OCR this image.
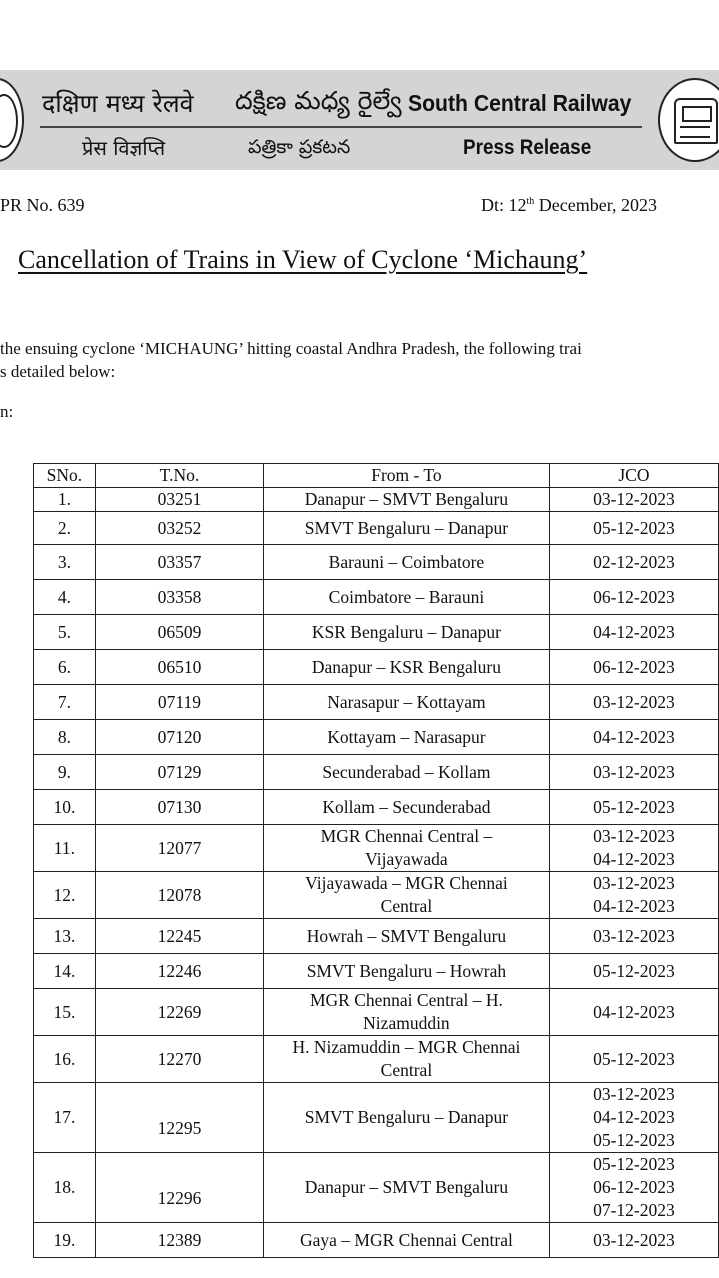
दक्षिण मध्य रेलवे దక్షిణ మధ్య రైల్వే South Central Railway
प्रेस विज्ञप्ति	పత్రికా ప్రకటన	Press Release
PR No. 639	Dt: 12th December, 2023
Cancellation of Trains in View of Cyclone ‘Michaung’
the ensuing cyclone ‘MICHAUNG’ hitting coastal Andhra Pradesh, the following trai
s detailed below:
n:
SNo.	T.No.	From - To	JCO
1.	03251	Danapur – SMVT Bengaluru	03-12-2023

2.	03252	SMVT Bengaluru – Danapur	05-12-2023

3.	03357	Barauni – Coimbatore	02-12-2023

4.	03358	Coimbatore – Barauni	06-12-2023

5.	06509	KSR Bengaluru – Danapur	04-12-2023

6.	06510	Danapur – KSR Bengaluru	06-12-2023

7.	07119	Narasapur – Kottayam	03-12-2023

8.	07120	Kottayam – Narasapur	04-12-2023

9.	07129	Secunderabad – Kollam	03-12-2023

10.	07130	Kollam – Secunderabad	05-12-2023

11.	12077	MGR Chennai Central –
Vijayawada	03-12-2023
04-12-2023

12.	12078	Vijayawada – MGR Chennai
Central	03-12-2023
04-12-2023

13.	12245	Howrah – SMVT Bengaluru	03-12-2023

14.	12246	SMVT Bengaluru – Howrah	05-12-2023

15.	12269	MGR Chennai Central – H.
Nizamuddin	04-12-2023

16.	12270	H. Nizamuddin – MGR Chennai
Central	05-12-2023

17.	12295	SMVT Bengaluru – Danapur	03-12-2023
04-12-2023
05-12-2023

18.	12296	Danapur – SMVT Bengaluru	05-12-2023
06-12-2023
07-12-2023

19.	12389	Gaya – MGR Chennai Central	03-12-2023
